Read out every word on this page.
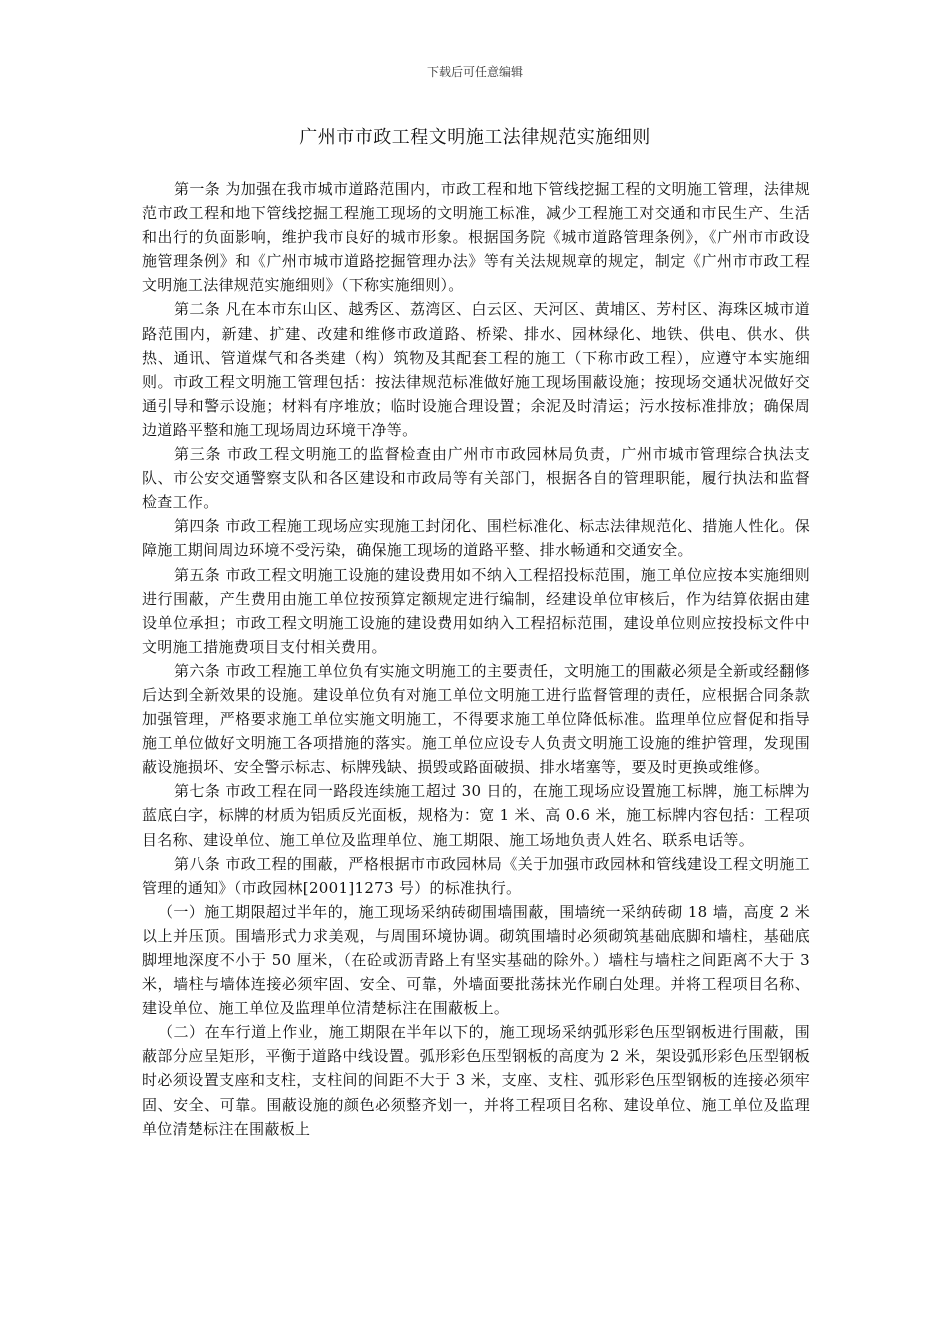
下载后可任意编辑
广州市市政工程文明施工法律规范实施细则

第一条 为加强在我市城市道路范围内，市政工程和地下管线挖掘工程的文明施工管理，法律规范市政工程和地下管线挖掘工程施工现场的文明施工标准，减少工程施工对交通和市民生产、生活和出行的负面影响，维护我市良好的城市形象。根据国务院《城市道路管理条例》，《广州市市政设施管理条例》和《广州市城市道路挖掘管理办法》等有关法规规章的规定，制定《广州市市政工程文明施工法律规范实施细则》（下称实施细则）。

第二条 凡在本市东山区、越秀区、荔湾区、白云区、天河区、黄埔区、芳村区、海珠区城市道路范围内，新建、扩建、改建和维修市政道路、桥梁、排水、园林绿化、地铁、供电、供水、供热、通讯、管道煤气和各类建（构）筑物及其配套工程的施工（下称市政工程），应遵守本实施细则。市政工程文明施工管理包括：按法律规范标准做好施工现场围蔽设施；按现场交通状况做好交通引导和警示设施；材料有序堆放；临时设施合理设置；余泥及时清运；污水按标准排放；确保周边道路平整和施工现场周边环境干净等。

第三条 市政工程文明施工的监督检查由广州市市政园林局负责，广州市城市管理综合执法支队、市公安交通警察支队和各区建设和市政局等有关部门，根据各自的管理职能，履行执法和监督检查工作。

第四条 市政工程施工现场应实现施工封闭化、围栏标准化、标志法律规范化、措施人性化。保障施工期间周边环境不受污染，确保施工现场的道路平整、排水畅通和交通安全。

第五条 市政工程文明施工设施的建设费用如不纳入工程招投标范围，施工单位应按本实施细则进行围蔽，产生费用由施工单位按预算定额规定进行编制，经建设单位审核后，作为结算依据由建设单位承担；市政工程文明施工设施的建设费用如纳入工程招标范围，建设单位则应按投标文件中文明施工措施费项目支付相关费用。

第六条 市政工程施工单位负有实施文明施工的主要责任，文明施工的围蔽必须是全新或经翻修后达到全新效果的设施。建设单位负有对施工单位文明施工进行监督管理的责任，应根据合同条款加强管理，严格要求施工单位实施文明施工，不得要求施工单位降低标准。监理单位应督促和指导施工单位做好文明施工各项措施的落实。施工单位应设专人负责文明施工设施的维护管理，发现围蔽设施损坏、安全警示标志、标牌残缺、损毁或路面破损、排水堵塞等，要及时更换或维修。

第七条 市政工程在同一路段连续施工超过 30 日的，在施工现场应设置施工标牌，施工标牌为蓝底白字，标牌的材质为铝质反光面板，规格为：宽 1 米、高 0.6 米，施工标牌内容包括：工程项目名称、建设单位、施工单位及监理单位、施工期限、施工场地负责人姓名、联系电话等。

第八条 市政工程的围蔽，严格根据市市政园林局《关于加强市政园林和管线建设工程文明施工管理的通知》（市政园林[2001]1273 号）的标准执行。

（一）施工期限超过半年的，施工现场采纳砖砌围墙围蔽，围墙统一采纳砖砌 18 墙，高度 2 米以上并压顶。围墙形式力求美观，与周围环境协调。砌筑围墙时必须砌筑基础底脚和墙柱，基础底脚埋地深度不小于 50 厘米，（在砼或沥青路上有坚实基础的除外。）墙柱与墙柱之间距离不大于 3 米，墙柱与墙体连接必须牢固、安全、可靠，外墙面要批荡抹光作刷白处理。并将工程项目名称、建设单位、施工单位及监理单位清楚标注在围蔽板上。

（二）在车行道上作业，施工期限在半年以下的，施工现场采纳弧形彩色压型钢板进行围蔽，围蔽部分应呈矩形，平衡于道路中线设置。弧形彩色压型钢板的高度为 2 米，架设弧形彩色压型钢板时必须设置支座和支柱，支柱间的间距不大于 3 米，支座、支柱、弧形彩色压型钢板的连接必须牢固、安全、可靠。围蔽设施的颜色必须整齐划一，并将工程项目名称、建设单位、施工单位及监理单位清楚标注在围蔽板上
